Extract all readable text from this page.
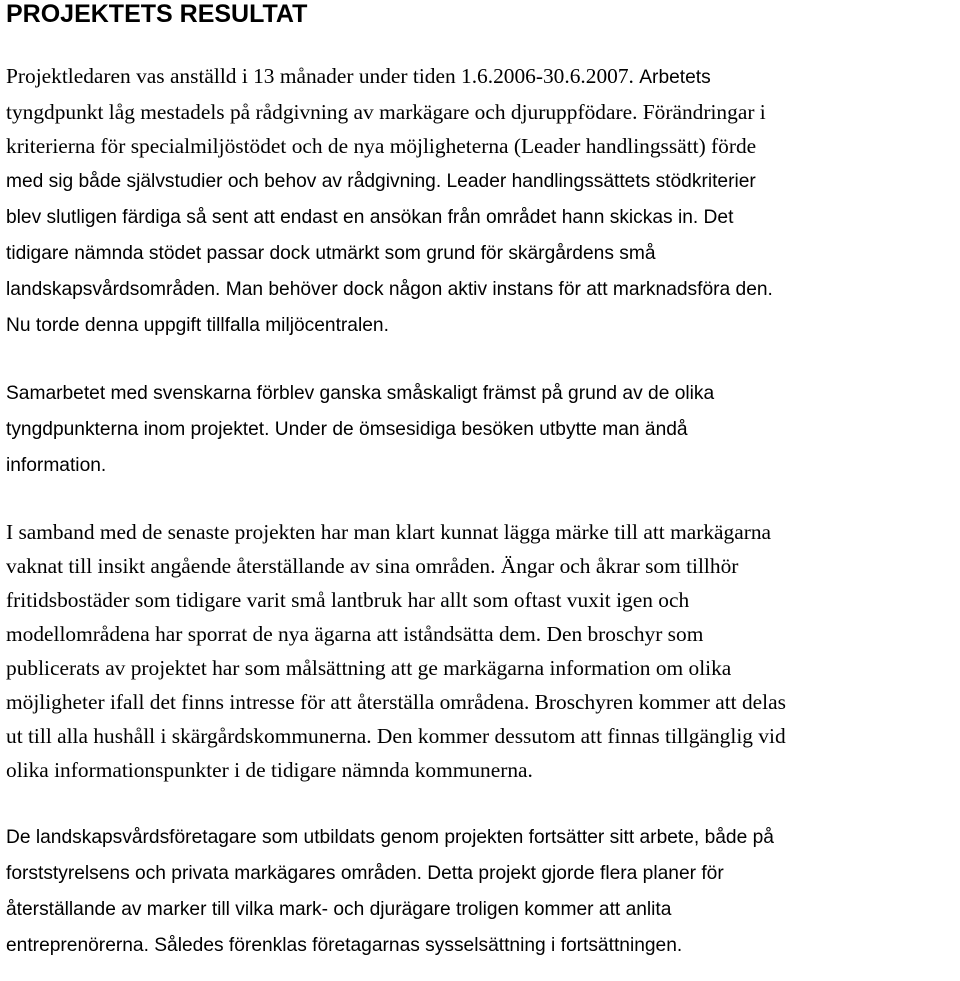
PROJEKTETS RESULTAT

Projektledaren vas anställd i 13 månader under tiden 1.6.2006-30.6.2007. Arbetets
tyngdpunkt låg mestadels på rådgivning av markägare och djuruppfödare. Förändringar i
kriterierna för specialmiljöstödet och de nya möjligheterna (Leader handlingssätt) förde
med sig både självstudier och behov av rådgivning. Leader handlingssättets stödkriterier
blev slutligen färdiga så sent att endast en ansökan från området hann skickas in. Det
tidigare nämnda stödet passar dock utmärkt som grund för skärgårdens små
landskapsvårdsområden. Man behöver dock någon aktiv instans för att marknadsföra den.
Nu torde denna uppgift tillfalla miljöcentralen.

Samarbetet med svenskarna förblev ganska småskaligt främst på grund av de olika
tyngdpunkterna inom projektet. Under de ömsesidiga besöken utbytte man ändå
information.

I samband med de senaste projekten har man klart kunnat lägga märke till att markägarna
vaknat till insikt angående återställande av sina områden. Ängar och åkrar som tillhör
fritidsbostäder som tidigare varit små lantbruk har allt som oftast vuxit igen och
modellområdena har sporrat de nya ägarna att iståndsätta dem. Den broschyr som
publicerats av projektet har som målsättning att ge markägarna information om olika
möjligheter ifall det finns intresse för att återställa områdena. Broschyren kommer att delas
ut till alla hushåll i skärgårdskommunerna. Den kommer dessutom att finnas tillgänglig vid
olika informationspunkter i de tidigare nämnda kommunerna.

De landskapsvårdsföretagare som utbildats genom projekten fortsätter sitt arbete, både på
forststyrelsens och privata markägares områden. Detta projekt gjorde flera planer för
återställande av marker till vilka mark- och djurägare troligen kommer att anlita
entreprenörerna. Således förenklas företagarnas sysselsättning i fortsättningen.
